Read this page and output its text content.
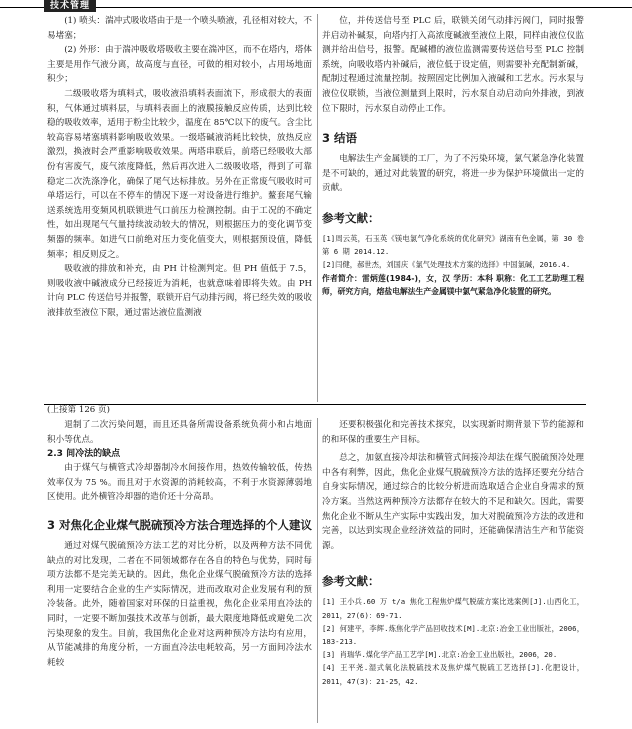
技术管理

(1) 喷头：湍冲式吸收塔由于是一个喷头喷液，孔径相对较大，不易堵塞；

(2) 外形：由于湍冲吸收塔吸收主要在湍冲区，而不在塔内，塔体主要是用作气液分离，故高度与直径，可做的相对较小，占用场地面积少；

二级吸收塔为填料式，吸收液沿填料表面流下，形成很大的表面积，气体通过填料层，与填料表面上的液膜接触反应传质，达到比较稳的吸收效率，适用于粉尘比较少，温度在 85℃以下的废气。含尘比较高容易堵塞填料影响吸收效果。一级塔碱液消耗比较快，放热反应激烈，换液时会严重影响吸收效果。两塔串联后，前塔已经吸收大部份有害废气，废气浓度降低，然后再次进入二级吸收塔，得到了可靠稳定二次洗涤净化，确保了尾气达标排放。另外在正常废气吸收时可单塔运行，可以在不停车的情况下逐一对设备进行维护。鳌套尾气输送系统选用变频风机联锁进气口前压力检测控制。由于工况的不确定性，如出现尾气气量持续波动较大的情况，则根据压力的变化调节变频器的频率。如进气口前绝对压力变化值变大，则根据预设值，降低频率；相反则反之。

吸收液的排放和补充，由 PH 计检测判定。但 PH 值低于 7.5，则吸收液中碱液成分已经接近为消耗，也就意味着即将失效。由 PH 计向 PLC 传送信号并报警，联锁开启气动排污阀，将已经失效的吸收液排放至液位下限，通过雷达液位监测液

位，并传送信号至 PLC 后，联锁关闭气动排污阀门，同时报警并启动补碱泵，向塔内打入高浓度碱液至液位上限，同样由液位仪监测并给出信号，报警。配碱槽的液位监测需要传送信号至 PLC 控制系统，向吸收塔内补碱后，液位低于设定值，则需要补充配制新碱，配制过程通过流量控制。按照固定比例加入液碱和工艺水。污水泵与液位仪联锁，当液位测量到上限时，污水泵自动启动向外排液，到液位下限时，污水泵自动停止工作。

3 结语

电解法生产金属镁的工厂，为了不污染环境，氯气紧急净化装置是不可缺的，通过对此装置的研究，将进一步为保护环境做出一定的贡献。

参考文献：

[1]周云英，石玉英《镁电氯气净化系统的优化研究》湖南有色金属，第 30 卷第 6 期 2014.12.

[2]闫健，郝世杰，刘国庆《氯气处理技术方案的选择》中国氯碱，2016.4.

作者简介：雷炳莲(1984-)，女，汉 学历：本科 职称：化工工艺助理工程师，研究方向，熔盐电解法生产金属镁中氯气紧急净化装置的研究。

(上接第 126 页)

退制了二次污染问题，而且还具备所需设备系统负荷小和占地面积小等优点。

2.3 间冷法的缺点

由于煤气与横管式冷却器制冷水间接作用，热效传输较低，传热效率仅为 75 %。而且对于水资源的消耗较高，不利于水资源薄弱地区使用。此外横管冷却器的造价还十分高昂。

3 对焦化企业煤气脱硫预冷方法合理选择的个人建议

通过对煤气脱硫预冷方法工艺的对比分析，以及两种方法不同优缺点的对比发现，二者在不同领域都存在各自的特色与优势，同时每项方法都不是完美无缺的。因此，焦化企业煤气脱硫预冷方法的选择利用一定要结合企业的生产实际情况，进而改取对企业发展有利的预冷装备。此外，随着国家对环保的日益重视，焦化企业采用直冷法的同时，一定要不断加强技术改革与创新，最大限度地降低或避免二次污染现象的发生。目前，我国焦化企业对这两种预冷方法均有应用，从节能减排的角度分析，一方面直冷法电耗较高，另一方面间冷法水耗较

还要积极强化和完善技术探究，以实现新时期背景下节约能源和的和环保的重要生产目标。

总之，加氨直接冷却法和横管式间接冷却法在煤气脱硫预冷处理中各有利弊，因此，焦化企业煤气脱硫预冷方法的选择还要充分结合自身实际情况，通过综合的比较分析进而选取适合企业自身需求的预冷方案。当然这两种预冷方法都存在较大的不足和缺欠。因此，需要焦化企业不断从生产实际中实践出发，加大对脱硫预冷方法的改进和完善，以达到实现企业经济效益的同时，还能确保清洁生产和节能资源。

参考文献：

[1] 王小兵.60 万 t/a 焦化工程焦炉煤气脱硫方案比选案例[J].山西化工，2011，27(6)：69-71.

[2] 何建平，李辉.炼焦化学产品回收技术[M].北京:冶金工业出版社，2006，183-213.

[3] 肖瑞华.煤化学产品工艺学[M].北京:冶金工业出版社，2006，20.

[4] 王平尧.湿式氧化法脱硫技术及焦炉煤气脱硫工艺选择[J].化肥设计，2011，47(3)：21-25，42.
